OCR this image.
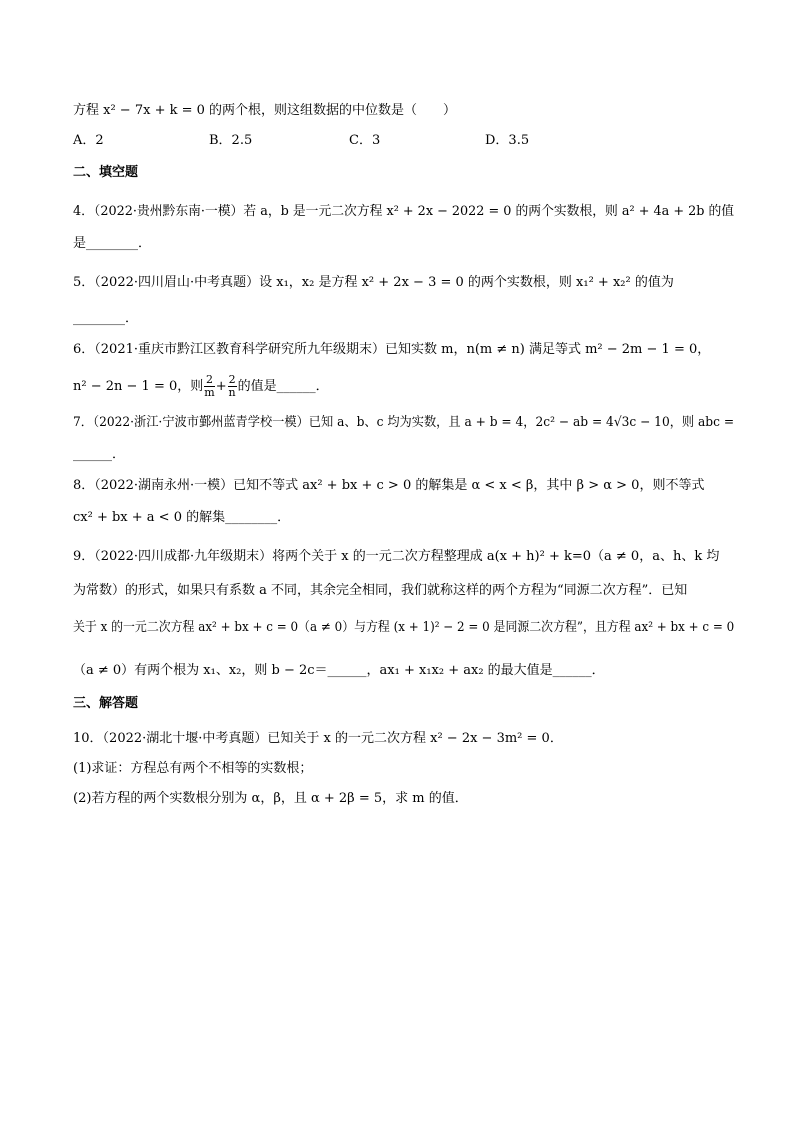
方程 x² − 7x + k = 0 的两个根，则这组数据的中位数是（　　）
A．2	B．2.5	C．3	D．3.5
二、填空题
4．（2022·贵州黔东南·一模）若 a，b 是一元二次方程 x² + 2x − 2022 = 0 的两个实数根，则 a² + 4a + 2b 的值
是________．
5．（2022·四川眉山·中考真题）设 x₁，x₂ 是方程 x² + 2x − 3 = 0 的两个实数根，则 x₁² + x₂² 的值为
________．
6．（2021·重庆市黔江区教育科学研究所九年级期末）已知实数 m，n(m ≠ n) 满足等式 m² − 2m − 1 = 0，
n² − 2n − 1 = 0，则 $\frac{2}{m} + \frac{2}{n}$ 的值是______．
7．（2022·浙江·宁波市鄞州蓝青学校一模）已知 a、b、c 均为实数，且 a + b = 4，2c² − ab = 4√3c − 10，则 abc =
______．
8．（2022·湖南永州·一模）已知不等式 ax² + bx + c > 0 的解集是 α < x < β，其中 β > α > 0，则不等式
cx² + bx + a < 0 的解集________．
9．（2022·四川成都·九年级期末）将两个关于 x 的一元二次方程整理成 a(x + h)² + k=0（a ≠ 0，a、h、k 均
为常数）的形式，如果只有系数 a 不同，其余完全相同，我们就称这样的两个方程为“同源二次方程”．已知
关于 x 的一元二次方程 ax² + bx + c = 0（a ≠ 0）与方程 (x + 1)² − 2 = 0 是同源二次方程”，且方程 ax² + bx + c = 0
（a ≠ 0）有两个根为 x₁、x₂，则 b − 2c＝______，ax₁ + x₁x₂ + ax₂ 的最大值是______．
三、解答题
10．（2022·湖北十堰·中考真题）已知关于 x 的一元二次方程 x² − 2x − 3m² = 0．
(1)求证：方程总有两个不相等的实数根；
(2)若方程的两个实数根分别为 α，β，且 α + 2β = 5，求 m 的值．
